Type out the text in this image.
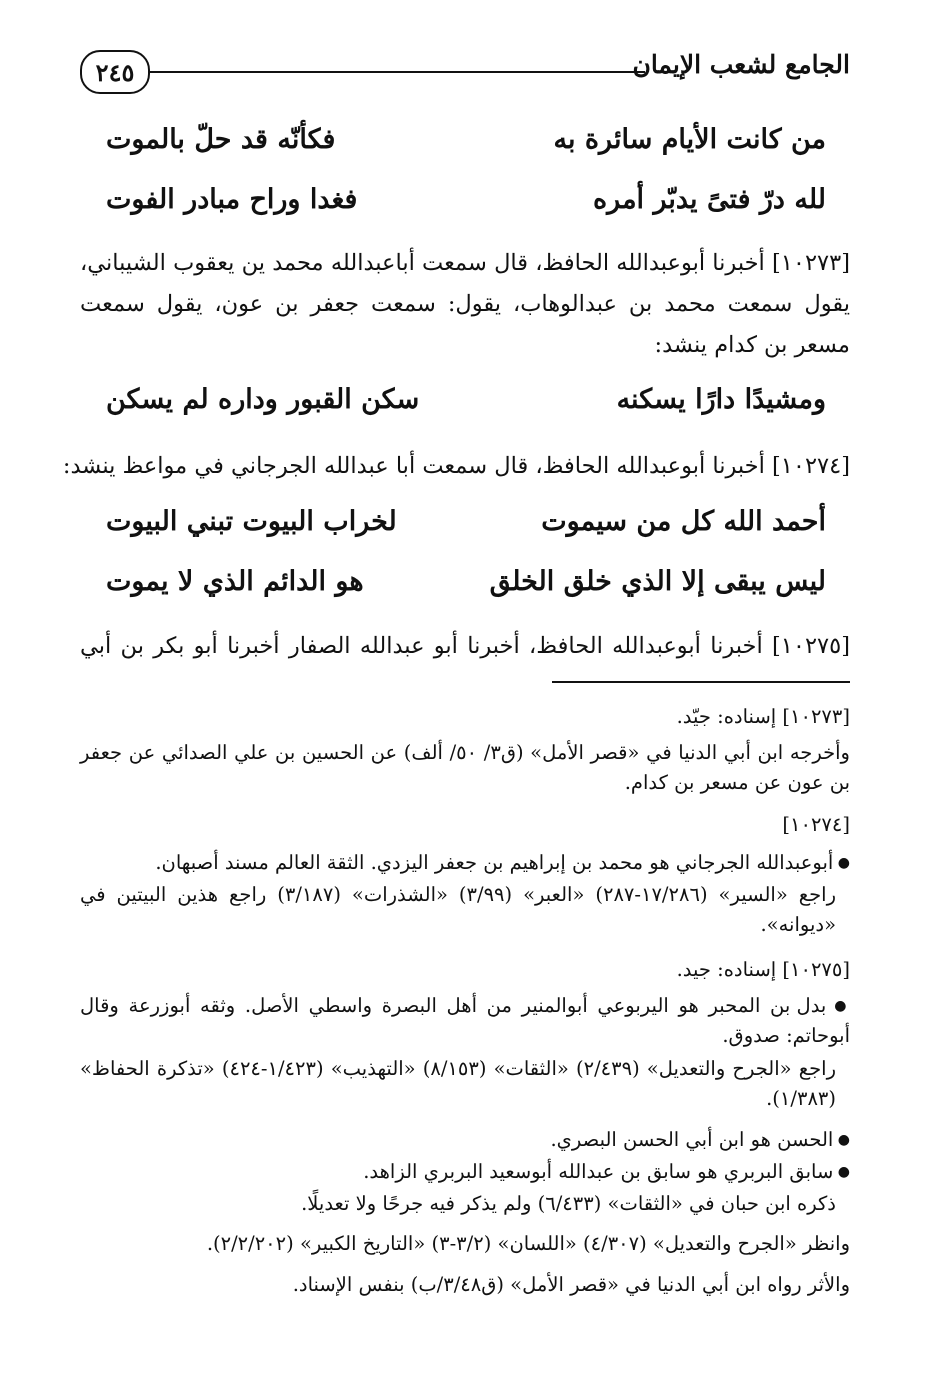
الجامع لشعب الإيمان
٢٤٥
من كانت الأيام سائرة به
فكأنّه قد حلّ بالموت
لله درّ فتىً يدبّر أمره
فغدا وراح مبادر الفوت
[١٠٢٧٣] أخبرنا أبوعبدالله الحافظ، قال سمعت أباعبدالله محمد ين يعقوب الشيباني، يقول سمعت محمد بن عبدالوهاب، يقول: سمعت جعفر بن عون، يقول سمعت مسعر بن كدام ينشد:
ومشيدًا دارًا يسكنه
سكن القبور وداره لم يسكن
[١٠٢٧٤] أخبرنا أبوعبدالله الحافظ، قال سمعت أبا عبدالله الجرجاني في مواعظ ينشد:
أحمد الله كل من سيموت
لخراب البيوت تبني البيوت
ليس يبقى إلا الذي خلق الخلق
هو الدائم الذي لا يموت
[١٠٢٧٥] أخبرنا أبوعبدالله الحافظ، أخبرنا أبو عبدالله الصفار أخبرنا أبو بكر بن أبي
[١٠٢٧٣] إسناده: جيّد.
وأخرجه ابن أبي الدنيا في «قصر الأمل» (ق٣/ ٥٠/ ألف) عن الحسين بن علي الصدائي عن جعفر بن عون عن مسعر بن كدام.
[١٠٢٧٤]
● أبوعبدالله الجرجاني هو محمد بن إبراهيم بن جعفر اليزدي. الثقة العالم مسند أصبهان.
راجع «السير» (١٧/٢٨٦-٢٨٧) «العبر» (٣/٩٩) «الشذرات» (٣/١٨٧) راجع هذين البيتين في «ديوانه».
[١٠٢٧٥] إسناده: جيد.
● بدل بن المحبر هو اليربوعي أبوالمنير من أهل البصرة واسطي الأصل. وثقه أبوزرعة وقال أبوحاتم: صدوق.
راجع «الجرح والتعديل» (٢/٤٣٩) «الثقات» (٨/١٥٣) «التهذيب» (١/٤٢٣-٤٢٤) «تذكرة الحفاظ» (١/٣٨٣).
● الحسن هو ابن أبي الحسن البصري.
● سابق البربري هو سابق بن عبدالله أبوسعيد البربري الزاهد.
ذكره ابن حبان في «الثقات» (٦/٤٣٣) ولم يذكر فيه جرحًا ولا تعديلًا.
وانظر «الجرح والتعديل» (٤/٣٠٧) «اللسان» (٣/٢-٣) «التاريخ الكبير» (٢/٢/٢٠٢).
والأثر رواه ابن أبي الدنيا في «قصر الأمل» (ق٣/٤٨/ب) بنفس الإسناد.
